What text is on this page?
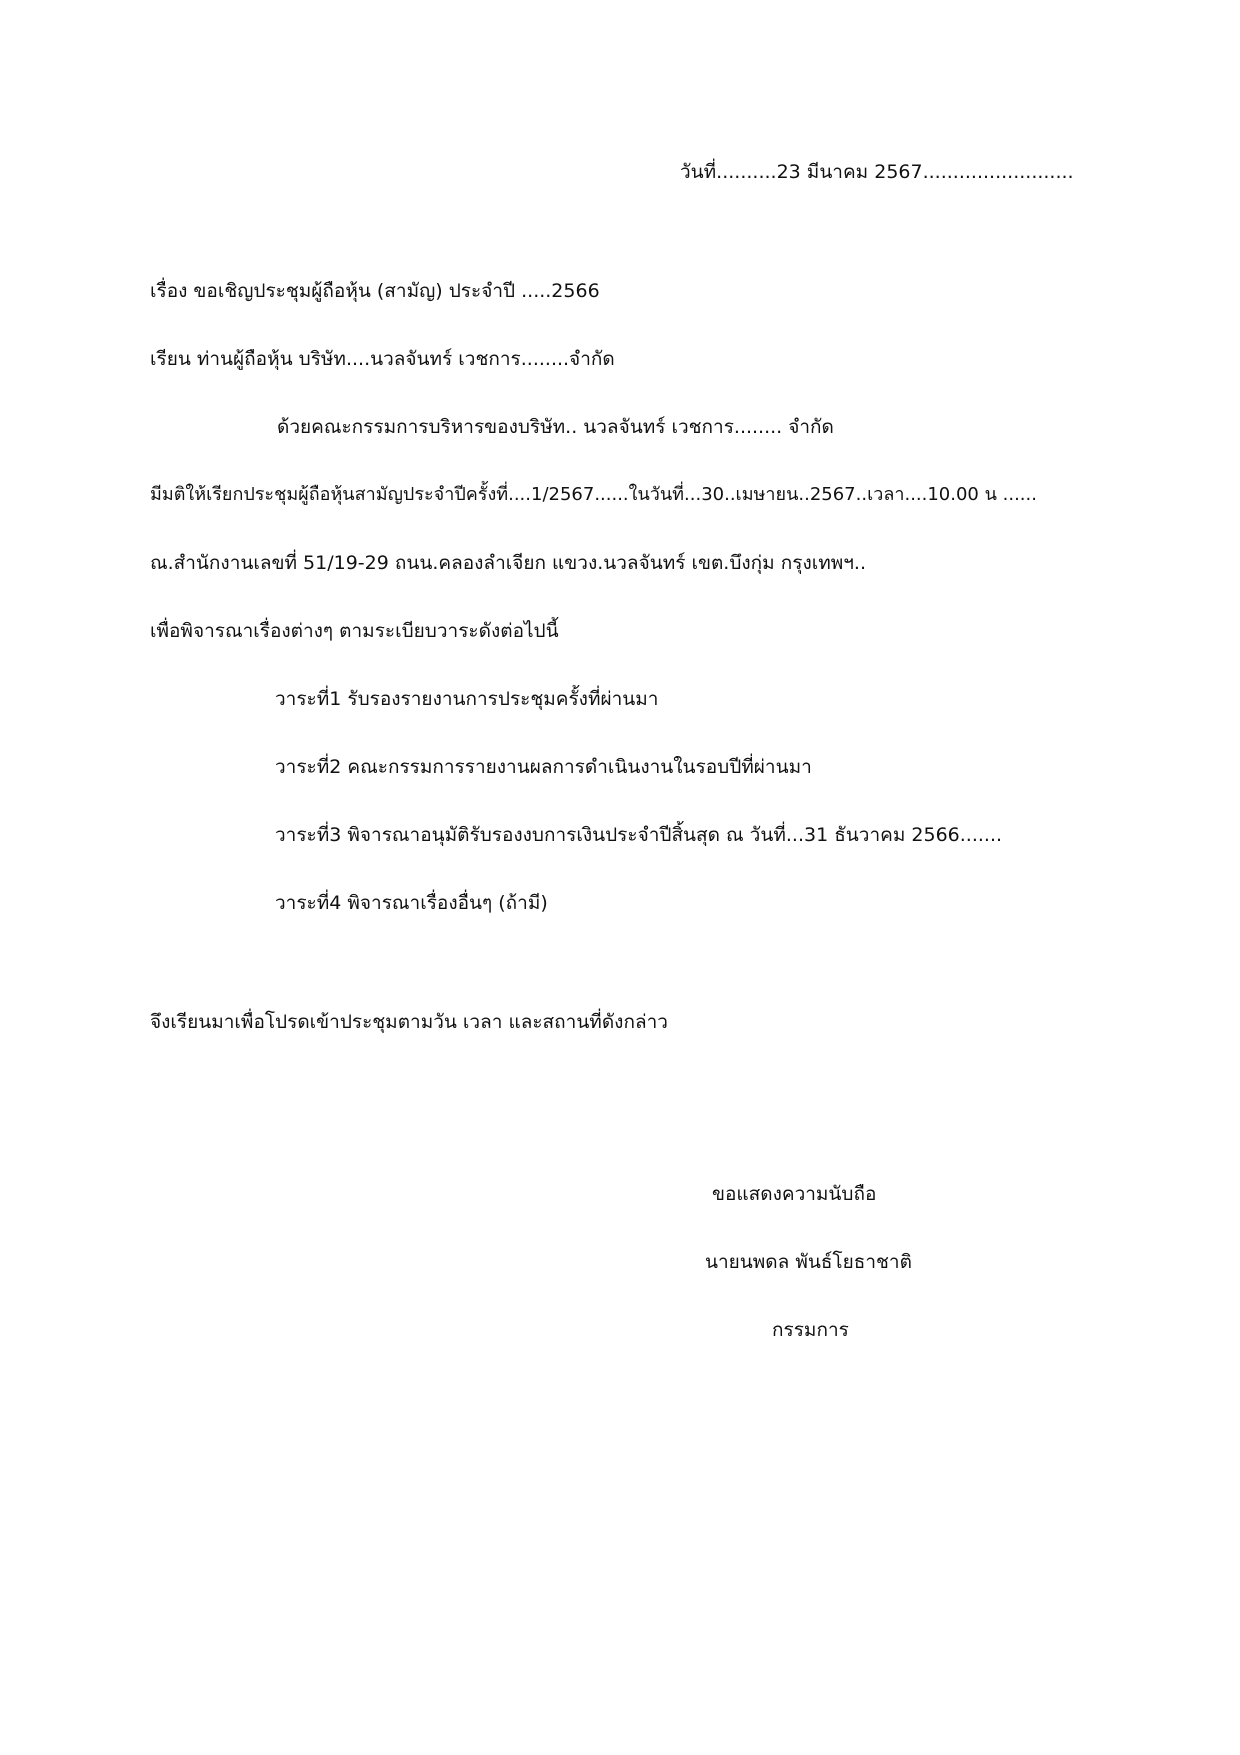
วันที่..........23 มีนาคม 2567.........................
เรื่อง ขอเชิญประชุมผู้ถือหุ้น (สามัญ) ประจำปี .....2566
เรียน ท่านผู้ถือหุ้น บริษัท....นวลจันทร์ เวชการ........จำกัด
ด้วยคณะกรรมการบริหารของบริษัท.. นวลจันทร์ เวชการ........ จำกัด
มีมติให้เรียกประชุมผู้ถือหุ้นสามัญประจำปีครั้งที่....1/2567......ในวันที่...30..เมษายน..2567..เวลา....10.00 น ......
ณ.สำนักงานเลขที่ 51/19-29 ถนน.คลองลำเจียก แขวง.นวลจันทร์ เขต.บึงกุ่ม กรุงเทพฯ..
เพื่อพิจารณาเรื่องต่างๆ ตามระเบียบวาระดังต่อไปนี้
วาระที่1 รับรองรายงานการประชุมครั้งที่ผ่านมา
วาระที่2 คณะกรรมการรายงานผลการดำเนินงานในรอบปีที่ผ่านมา
วาระที่3 พิจารณาอนุมัติรับรองงบการเงินประจำปีสิ้นสุด ณ วันที่...31 ธันวาคม 2566.......
วาระที่4 พิจารณาเรื่องอื่นๆ (ถ้ามี)
จึงเรียนมาเพื่อโปรดเข้าประชุมตามวัน เวลา และสถานที่ดังกล่าว
ขอแสดงความนับถือ
นายนพดล พันธ์โยธาชาติ
กรรมการ
